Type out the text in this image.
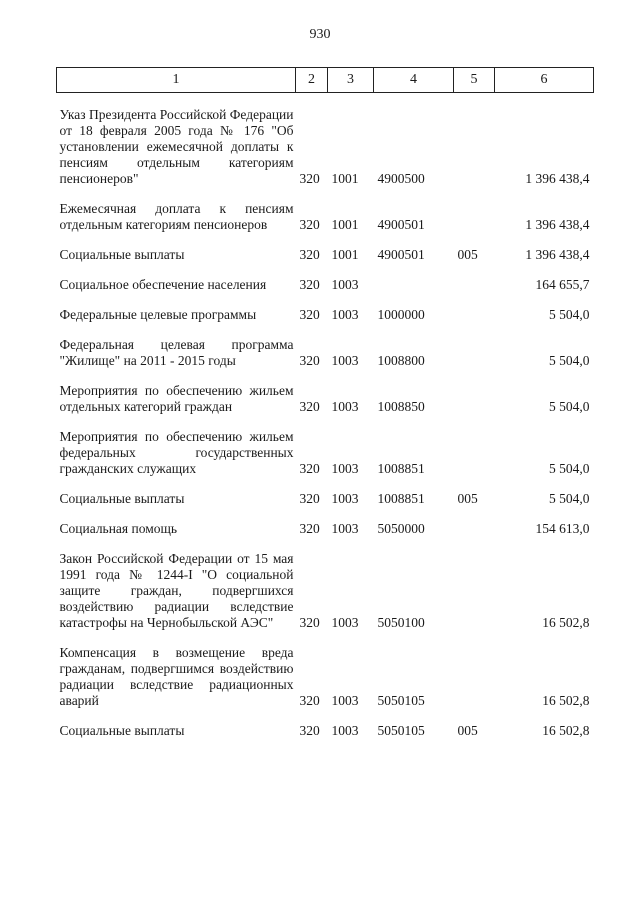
930
1	2	3	4	5	6

Указ Президента Российской Федерации от 18 февраля 2005 года № 176 "Об установлении ежемесячной доплаты к пенсиям отдельным категориям пенсионеров"	320	1001	4900500		1 396 438,4

Ежемесячная доплата к пенсиям отдельным категориям пенсионеров	320	1001	4900501		1 396 438,4

Социальные выплаты	320	1001	4900501	005	1 396 438,4

Социальное обеспечение населения	320	1003			164 655,7

Федеральные целевые программы	320	1003	1000000		5 504,0

Федеральная целевая программа "Жилище" на 2011 - 2015 годы	320	1003	1008800		5 504,0

Мероприятия по обеспечению жильем отдельных категорий граждан	320	1003	1008850		5 504,0

Мероприятия по обеспечению жильем федеральных государственных гражданских служащих	320	1003	1008851		5 504,0

Социальные выплаты	320	1003	1008851	005	5 504,0

Социальная помощь	320	1003	5050000		154 613,0

Закон Российской Федерации от 15 мая 1991 года № 1244-I "О социальной защите граждан, подвергшихся воздействию радиации вследствие катастрофы на Чернобыльской АЭС"	320	1003	5050100		16 502,8

Компенсация в возмещение вреда гражданам, подвергшимся воздействию радиации вследствие радиационных аварий	320	1003	5050105		16 502,8

Социальные выплаты	320	1003	5050105	005	16 502,8
